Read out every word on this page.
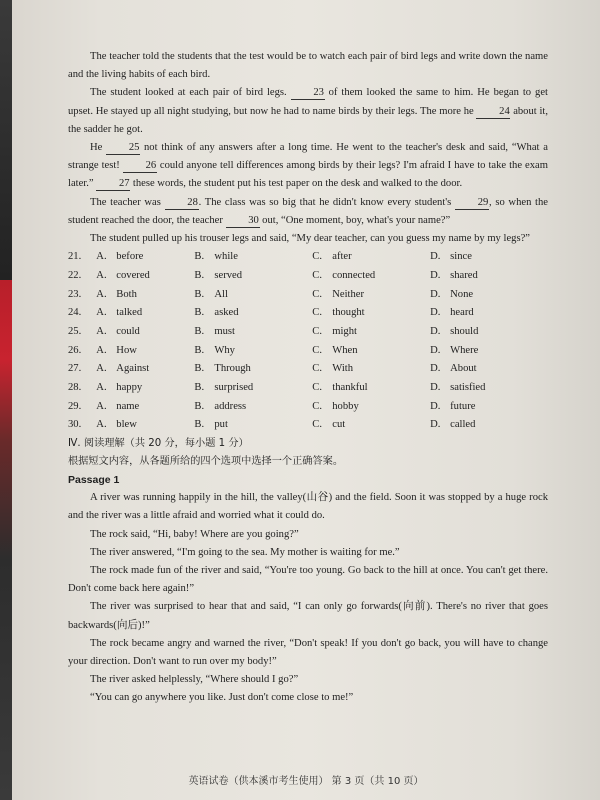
The teacher told the students that the test would be to watch each pair of bird legs and write down the name and the living habits of each bird.

The student looked at each pair of bird legs. 23 of them looked the same to him. He began to get upset. He stayed up all night studying, but now he had to name birds by their legs. The more he 24 about it, the sadder he got.

He 25 not think of any answers after a long time. He went to the teacher's desk and said, “What a strange test! 26 could anyone tell differences among birds by their legs? I'm afraid I have to take the exam later.” 27 these words, the student put his test paper on the desk and walked to the door.

The teacher was 28. The class was so big that he didn't know every student's 29, so when the student reached the door, the teacher 30 out, “One moment, boy, what's your name?”

The student pulled up his trouser legs and said, “My dear teacher, can you guess my name by my legs?”

21.	A. before	B. while	C. after	D. since
22.	A. covered	B. served	C. connected	D. shared
23.	A. Both	B. All	C. Neither	D. None
24.	A. talked	B. asked	C. thought	D. heard
25.	A. could	B. must	C. might	D. should
26.	A. How	B. Why	C. When	D. Where
27.	A. Against	B. Through	C. With	D. About
28.	A. happy	B. surprised	C. thankful	D. satisfied
29.	A. name	B. address	C. hobby	D. future
30.	A. blew	B. put	C. cut	D. called
Ⅳ. 阅读理解（共 20 分，每小题 1 分）
根据短文内容，从各题所给的四个选项中选择一个正确答案。
Passage 1

A river was running happily in the hill, the valley(山谷) and the field. Soon it was stopped by a huge rock and the river was a little afraid and worried what it could do.

The rock said, “Hi, baby! Where are you going?”

The river answered, “I'm going to the sea. My mother is waiting for me.”

The rock made fun of the river and said, “You're too young. Go back to the hill at once. You can't get there. Don't come back here again!”

The river was surprised to hear that and said, “I can only go forwards(向前). There's no river that goes backwards(向后)!”

The rock became angry and warned the river, “Don't speak! If you don't go back, you will have to change your direction. Don't want to run over my body!”

The river asked helplessly, “Where should I go?”

“You can go anywhere you like. Just don't come close to me!”

英语试卷（供本溪市考生使用） 第 3 页（共 10 页）
